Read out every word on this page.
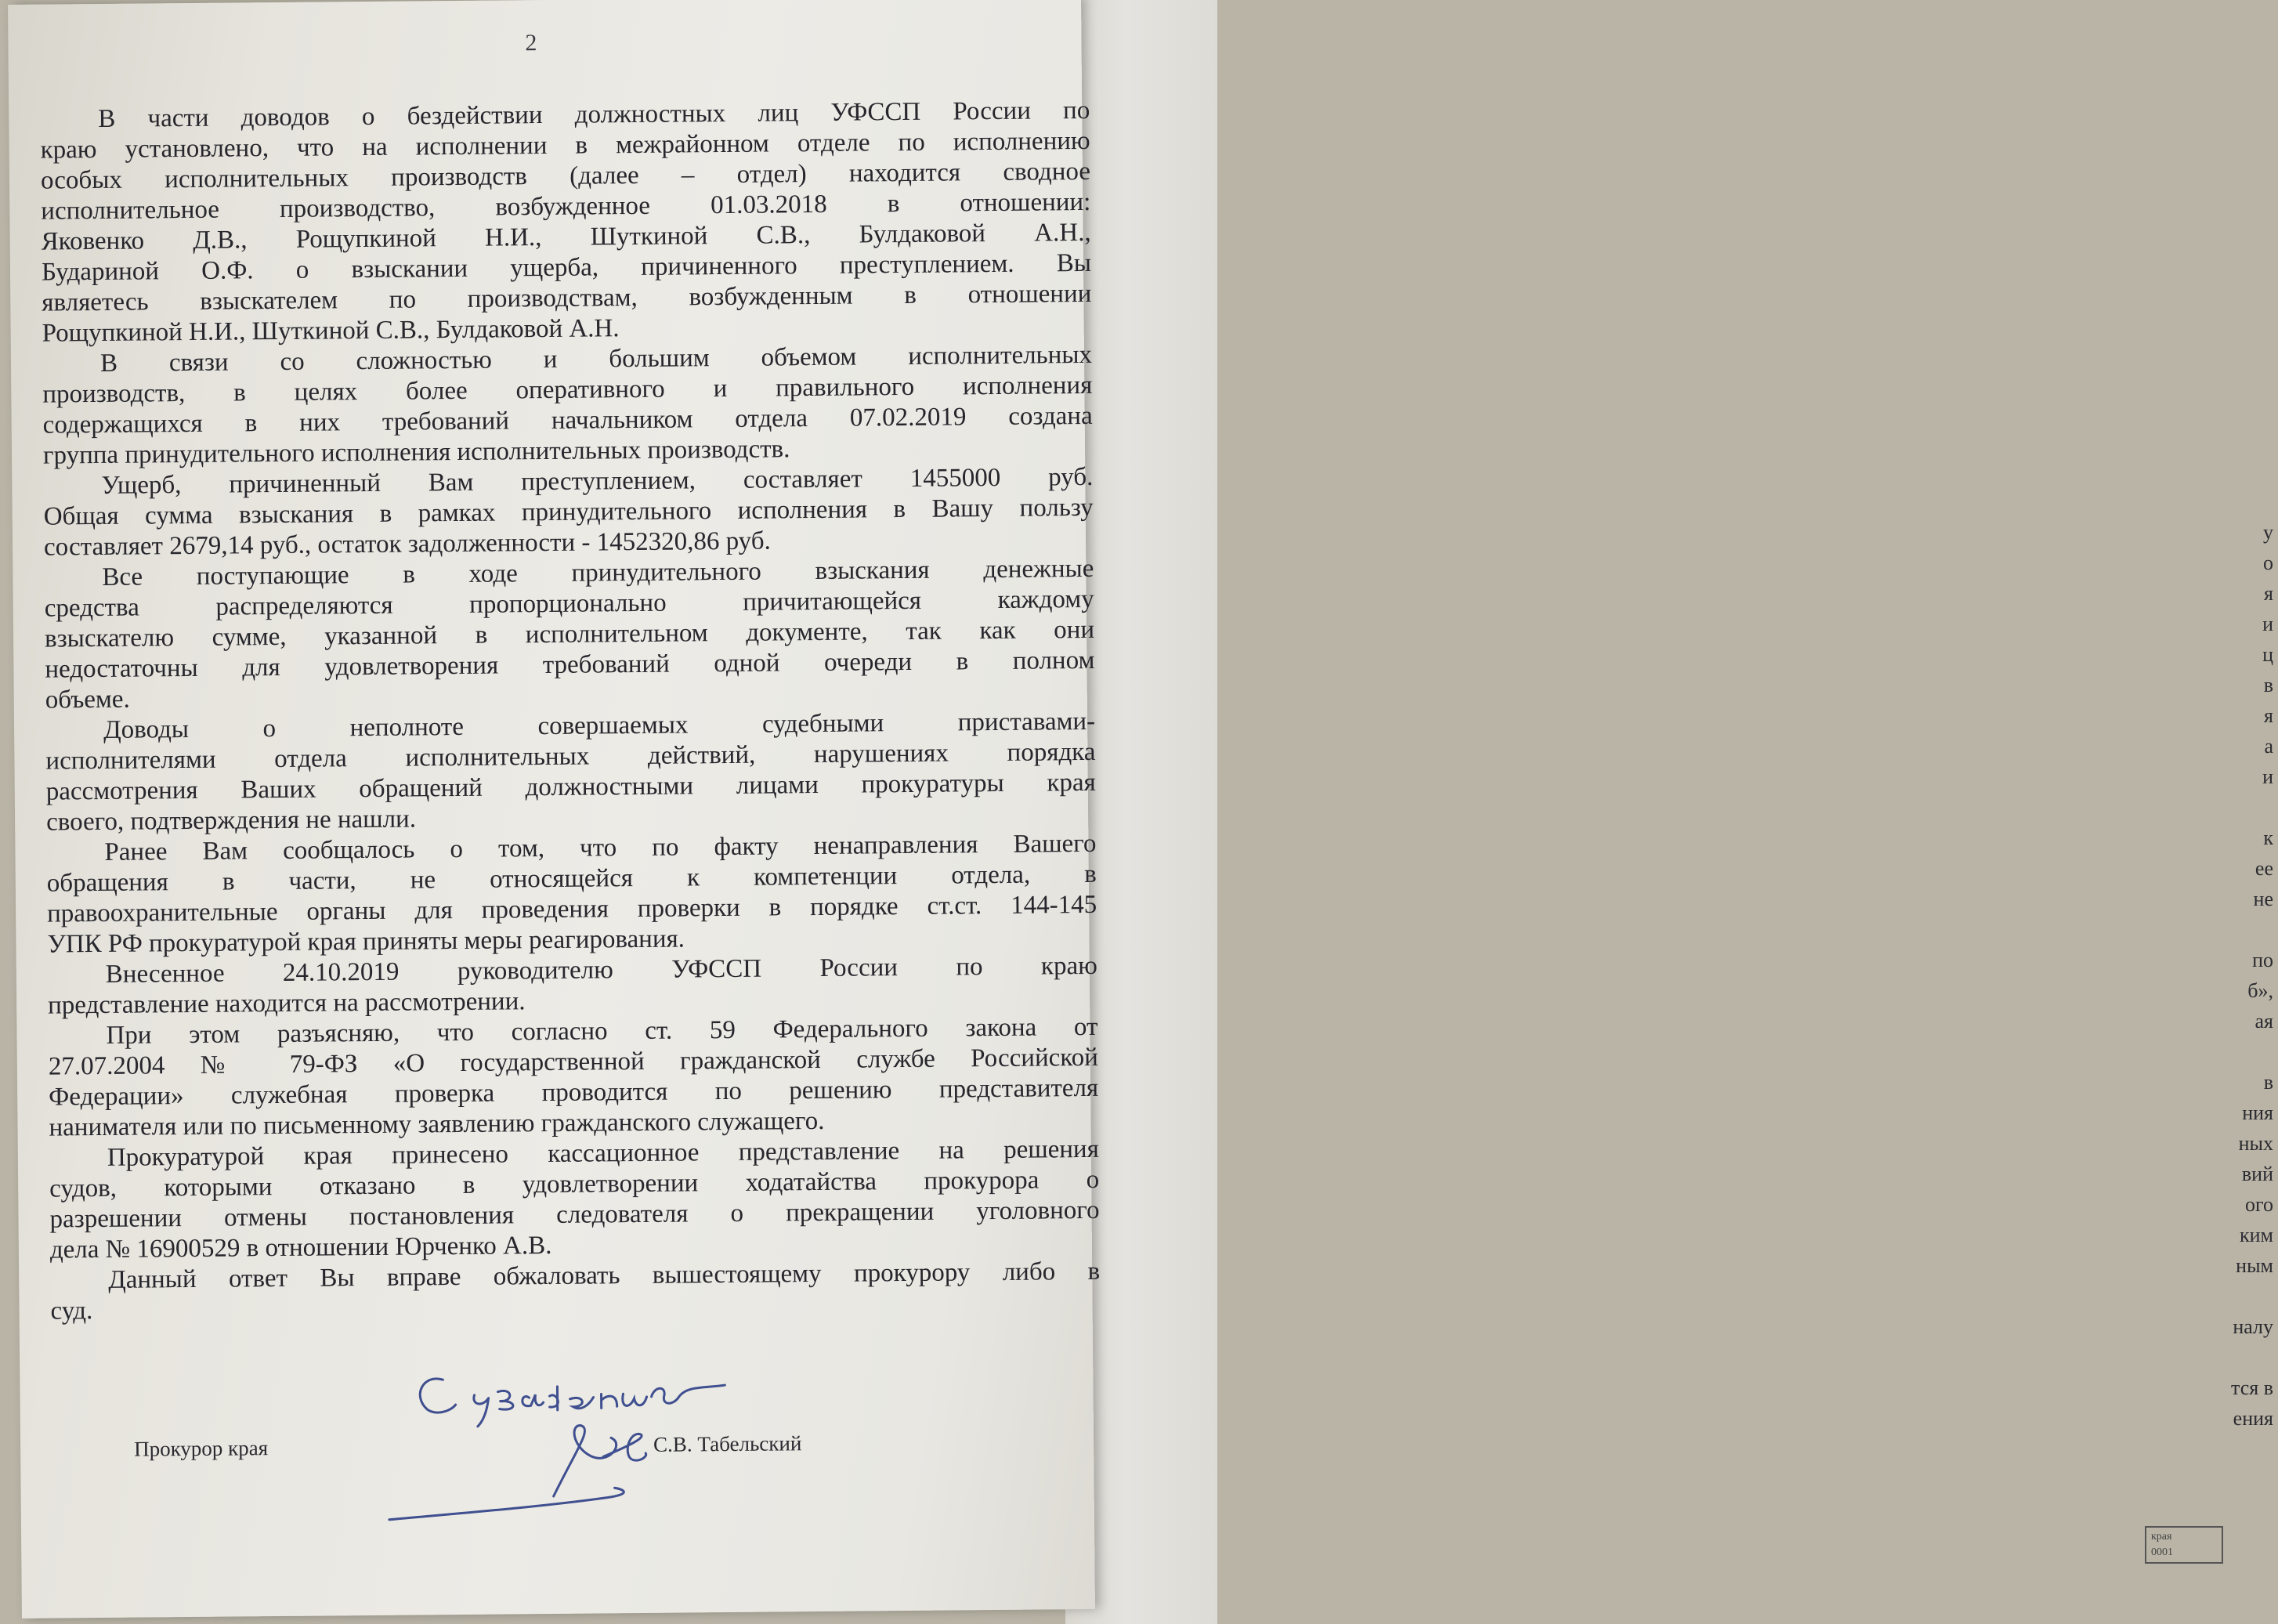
у
о
я
и
ц
в
я
а
и
к
ее
не
по
б»,
ая
в
ния
ных
вий
ого
ким
ным
налу
тся в
ения
края
0001
2
В части доводов о бездействии должностных лиц УФССП России по
краю установлено, что на исполнении в межрайонном отделе по исполнению
особых исполнительных производств (далее – отдел) находится сводное
исполнительное производство, возбужденное 01.03.2018 в отношении:
Яковенко Д.В., Рощупкиной Н.И., Шуткиной С.В., Булдаковой А.Н.,
Будариной О.Ф. о взыскании ущерба, причиненного преступлением. Вы
являетесь взыскателем по производствам, возбужденным в отношении
Рощупкиной Н.И., Шуткиной С.В., Булдаковой А.Н.
В связи со сложностью и большим объемом исполнительных
производств, в целях более оперативного и правильного исполнения
содержащихся в них требований начальником отдела 07.02.2019 создана
группа принудительного исполнения исполнительных производств.
Ущерб, причиненный Вам преступлением, составляет 1455000 руб.
Общая сумма взыскания в рамках принудительного исполнения в Вашу пользу
составляет 2679,14 руб., остаток задолженности - 1452320,86 руб.
Все поступающие в ходе принудительного взыскания денежные
средства распределяются пропорционально причитающейся каждому
взыскателю сумме, указанной в исполнительном документе, так как они
недостаточны для удовлетворения требований одной очереди в полном
объеме.
Доводы о неполноте совершаемых судебными приставами-
исполнителями отдела исполнительных действий, нарушениях порядка
рассмотрения Ваших обращений должностными лицами прокуратуры края
своего, подтверждения не нашли.
Ранее Вам сообщалось о том, что по факту ненаправления Вашего
обращения в части, не относящейся к компетенции отдела, в
правоохранительные органы для проведения проверки в порядке ст.ст. 144-145
УПК РФ прокуратурой края приняты меры реагирования.
Внесенное 24.10.2019 руководителю УФССП России по краю
представление находится на рассмотрении.
При этом разъясняю, что согласно ст. 59 Федерального закона от
27.07.2004 № 79-ФЗ «О государственной гражданской службе Российской
Федерации» служебная проверка проводится по решению представителя
нанимателя или по письменному заявлению гражданского служащего.
Прокуратурой края принесено кассационное представление на решения
судов, которыми отказано в удовлетворении ходатайства прокурора о
разрешении отмены постановления следователя о прекращении уголовного
дела № 16900529 в отношении Юрченко А.В.
Данный ответ Вы вправе обжаловать вышестоящему прокурору либо в
суд.
Прокурор края	С.В. Табельский
